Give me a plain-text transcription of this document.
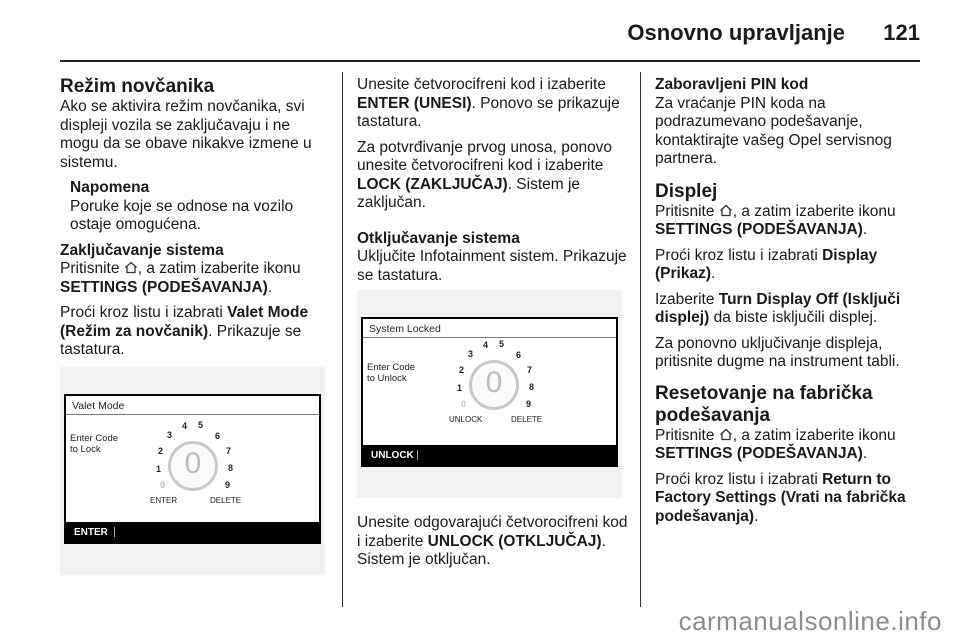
Osnovno upravljanje 121
Režim novčanika

Ako se aktivira režim novčanika, svi displeji vozila se zaključavaju i ne mogu da se obave nikakve izmene u sistemu.

Napomena

Poruke koje se odnose na vozilo ostaje omogućena.

Zaključavanje sistema

Pritisnite , a zatim izaberite ikonu SETTINGS (PODEŠAVANJA).

Proći kroz listu i izabrati Valet Mode (Režim za novčanik). Prikazuje se tastatura.

Valet Mode
Enter Code
to Lock	0
1
2
3
4 5
6
7
8
9
0
ENTER	DELETE
ENTER

Unesite četvorocifreni kod i izaberite ENTER (UNESI). Ponovo se prikazuje tastatura.

Za potvrđivanje prvog unosa, ponovo unesite četvorocifreni kod i izaberite LOCK (ZAKLJUČAJ). Sistem je zaključan.

Otključavanje sistema

Uključite Infotainment sistem. Prikazuje se tastatura.

System Locked
Enter Code
to Unlock	0
1
2
3
4 5
6
7
8
9
0
UNLOCK	DELETE
UNLOCK

Unesite odgovarajući četvorocifreni kod i izaberite UNLOCK (OTKLJUČAJ). Sistem je otključan.

Zaboravljeni PIN kod

Za vraćanje PIN koda na podrazumevano podešavanje, kontaktirajte vašeg Opel servisnog partnera.

Displej

Pritisnite , a zatim izaberite ikonu SETTINGS (PODEŠAVANJA).

Proći kroz listu i izabrati Display (Prikaz).

Izaberite Turn Display Off (Isključi displej) da biste isključili displej.

Za ponovno uključivanje displeja, pritisnite dugme na instrument tabli.

Resetovanje na fabrička podešavanja

Pritisnite , a zatim izaberite ikonu SETTINGS (PODEŠAVANJA).

Proći kroz listu i izabrati Return to Factory Settings (Vrati na fabrička podešavanja).

carmanualsonline.info
